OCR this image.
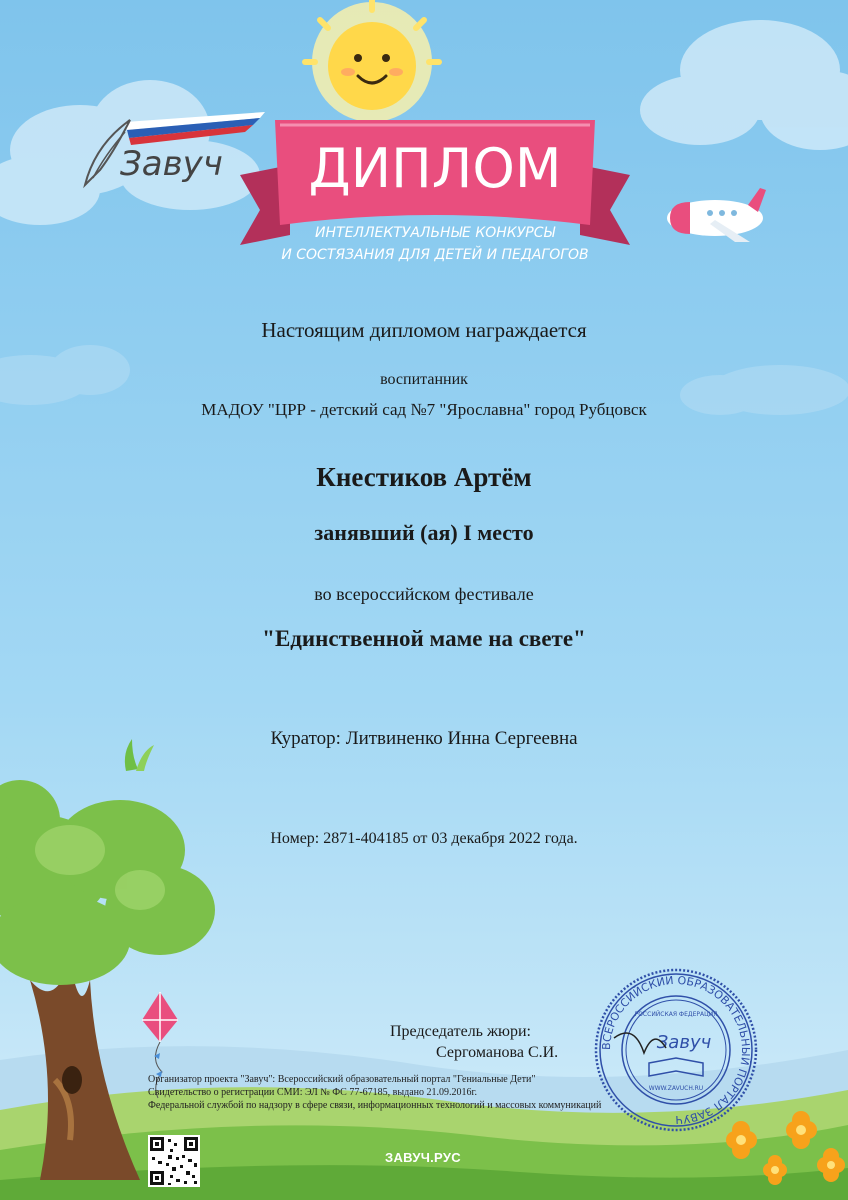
Завуч ДИПЛОМ
ИНТЕЛЛЕКТУАЛЬНЫЕ КОНКУРСЫ
И СОСТЯЗАНИЯ ДЛЯ ДЕТЕЙ И ПЕДАГОГОВ
Настоящим дипломом награждается
воспитанник
МАДОУ "ЦРР - детский сад №7 "Ярославна" город Рубцовск
Кнестиков Артём
занявший (ая) I место
во всероссийском фестивале
"Единственной маме на свете"
Куратор: Литвиненко Инна Сергеевна
Номер: 2871-404185 от 03 декабря 2022 года.
ВСЕРОССИЙСКИЙ ОБРАЗОВАТЕЛЬНЫЙ ПОРТАЛ ЗАВУЧ
РОССИЙСКАЯ ФЕДЕРАЦИЯ
Завуч
WWW.ZAVUCH.RU
Председатель жюри:
Сергоманова С.И.
Организатор проекта "Завуч": Всероссийский образовательный портал "Гениальные Дети"
Свидетельство о регистрации СМИ: ЭЛ № ФС 77-67185, выдано 21.09.2016г.
Федеральной службой по надзору в сфере связи, информационных технологий и массовых коммуникаций
ЗАВУЧ.РУС
